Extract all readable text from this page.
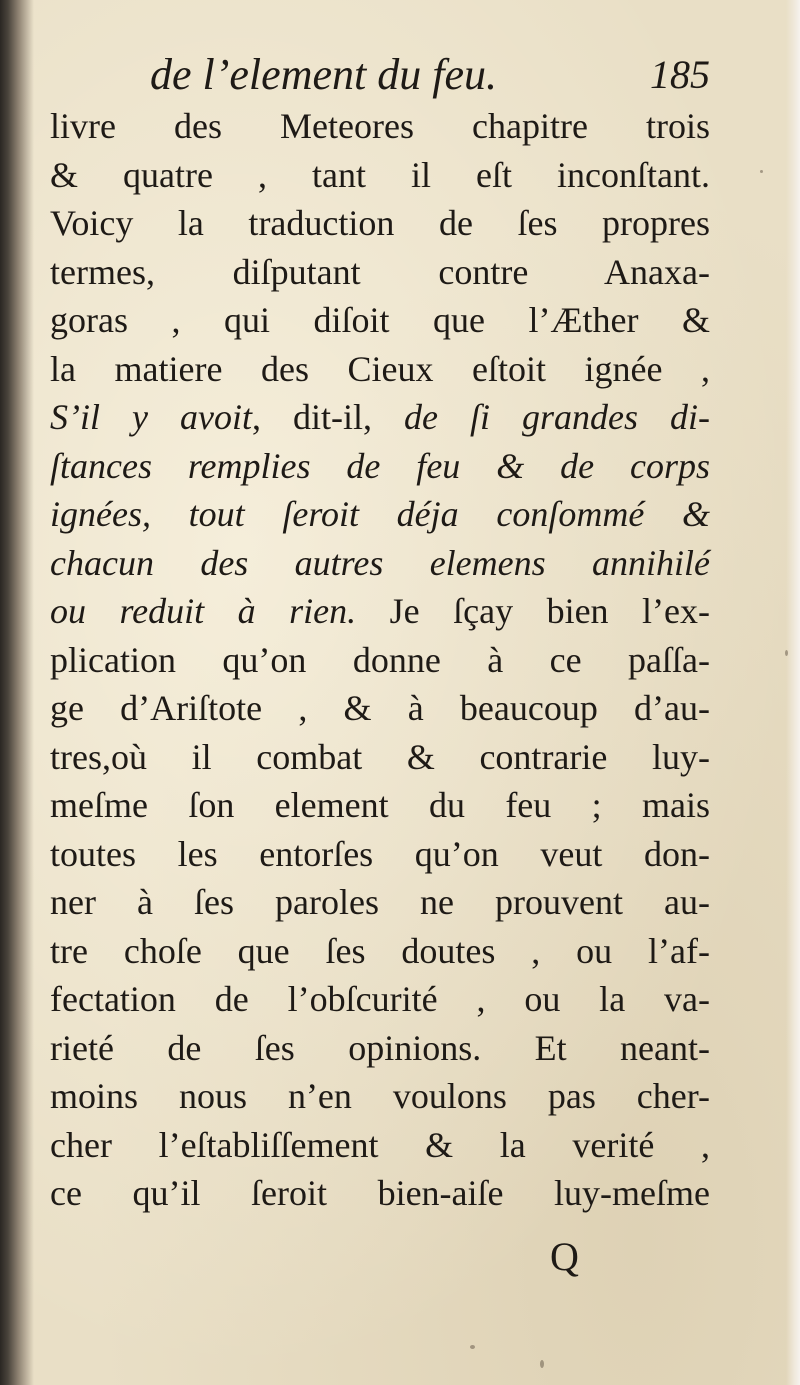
de l’element du feu.	185
livre des Meteores chapitre trois
& quatre , tant il eſt inconſtant.
Voicy la traduction de ſes propres
termes, diſputant contre Anaxa-
goras , qui diſoit que l’Æther &
la matiere des Cieux eſtoit ignée ,
S’il y avoit, dit-il, de ſi grandes di-
ſtances remplies de feu & de corps
ignées, tout ſeroit déja conſommé &
chacun des autres elemens annihilé
ou reduit à rien. Je ſçay bien l’ex-
plication qu’on donne à ce paſſa-
ge d’Ariſtote , & à beaucoup d’au-
tres,où il combat & contrarie luy-
meſme ſon element du feu ; mais
toutes les entorſes qu’on veut don-
ner à ſes paroles ne prouvent au-
tre choſe que ſes doutes , ou l’af-
fectation de l’obſcurité , ou la va-
rieté de ſes opinions. Et neant-
moins nous n’en voulons pas cher-
cher l’eſtabliſſement & la verité ,
ce qu’il ſeroit bien-aiſe luy-meſme
Q
